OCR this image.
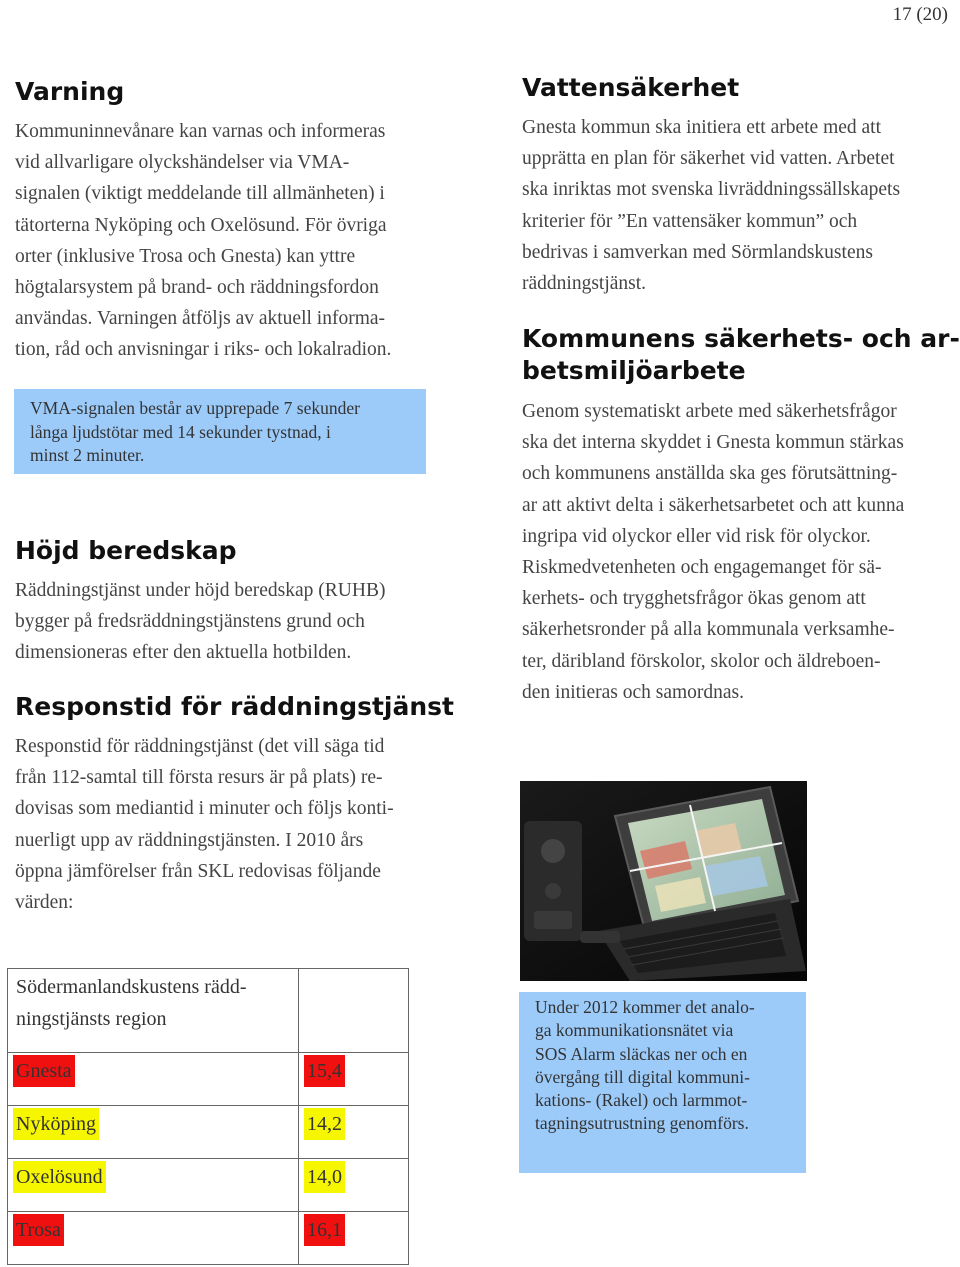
17 (20)
Varning
Kommuninnevånare kan varnas och informeras
vid allvarligare olyckshändelser via VMA-
signalen (viktigt meddelande till allmänheten) i
tätorterna Nyköping och Oxelösund. För övriga
orter (inklusive Trosa och Gnesta) kan yttre
högtalarsystem på brand- och räddningsfordon
användas. Varningen åtföljs av aktuell informa-
tion, råd och anvisningar i riks- och lokalradion.
VMA-signalen består av upprepade 7 sekunder
långa ljudstötar med 14 sekunder tystnad, i
minst 2 minuter.
Höjd beredskap
Räddningstjänst under höjd beredskap (RUHB)
bygger på fredsräddningstjänstens grund och
dimensioneras efter den aktuella hotbilden.
Responstid för räddningstjänst
Responstid för räddningstjänst (det vill säga tid
från 112-samtal till första resurs är på plats) re-
dovisas som mediantid i minuter och följs konti-
nuerligt upp av räddningstjänsten. I 2010 års
öppna jämförelser från SKL redovisas följande
värden:
Södermanlandskustens rädd-
ningstjänsts region
Gnesta	15,4
Nyköping	14,2
Oxelösund	14,0
Trosa	16,1
Vattensäkerhet
Gnesta kommun ska initiera ett arbete med att
upprätta en plan för säkerhet vid vatten. Arbetet
ska inriktas mot svenska livräddningssällskapets
kriterier för ”En vattensäker kommun” och
bedrivas i samverkan med Sörmlandskustens
räddningstjänst.
Kommunens säkerhets- och ar-
betsmiljöarbete
Genom systematiskt arbete med säkerhetsfrågor
ska det interna skyddet i Gnesta kommun stärkas
och kommunens anställda ska ges förutsättning-
ar att aktivt delta i säkerhetsarbetet och att kunna
ingripa vid olyckor eller vid risk för olyckor.
Riskmedvetenheten och engagemanget för sä-
kerhets- och trygghetsfrågor ökas genom att
säkerhetsronder på alla kommunala verksamhe-
ter, däribland förskolor, skolor och äldreboen-
den initieras och samordnas.
Under 2012 kommer det analo-
ga kommunikationsnätet via
SOS Alarm släckas ner och en
övergång till digital kommuni-
kations- (Rakel) och larmmot-
tagningsutrustning genomförs.
